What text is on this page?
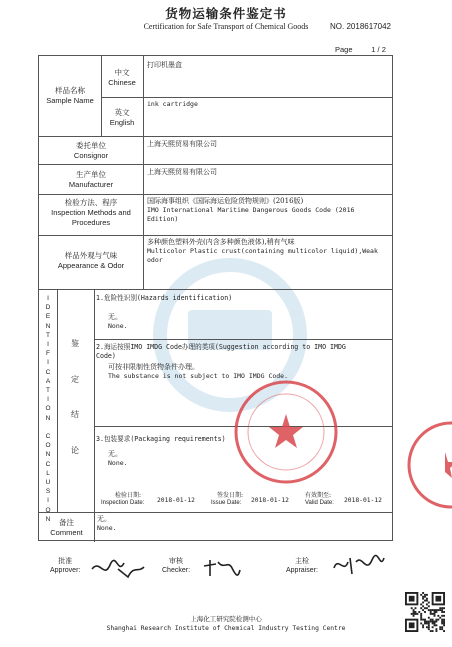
货物运输条件鉴定书
Certification for Safe Transport of Chemical Goods	NO. 2018617042
Page	1 / 2
样品名称
Sample Name
中文
Chinese
打印机墨盒
英文
English
ink cartridge
委托单位
Consignor
上海天熙贸易有限公司
生产单位
Manufacturer
上海天熙贸易有限公司
检验方法、程序
Inspection Methods and
Procedures
国际海事组织《国际海运危险货物规则》(2016版)
IMO International Maritime Dangerous Goods Code (2016
Edition)
样品外观与气味
Appearance & Odor
多种颜色塑料外壳(内含多种颜色液体),稍有气味
Multicolor Plastic crust(containing multicolor liquid),Weak
odor
I
D
E
N
T
I
F
I
C
A
T
I
O
N

C
O
N
C
L
U
S
I
O
N
鉴
定
结
论
1.危险性识别(Hazards identification)
无。
None.
2.海运按照IMO IMDG Code办理的类项(Suggestion according to IMO IMDG
Code)
可按非限制性货物条件办理。
The substance is not subject to IMO IMDG Code.
3.包装要求(Packaging requirements)
无。
None.
检验日期:
Inspection Date: 2018-01-12
签发日期:
Issue Date: 2018-01-12
有效期至:
Valid Date: 2018-01-12
备注
Comment
无。
None.
批准
Approver:
审核
Checker:
主检
Appraiser:
上海化工研究院检测中心
Shanghai Research Institute of Chemical Industry Testing Centre
